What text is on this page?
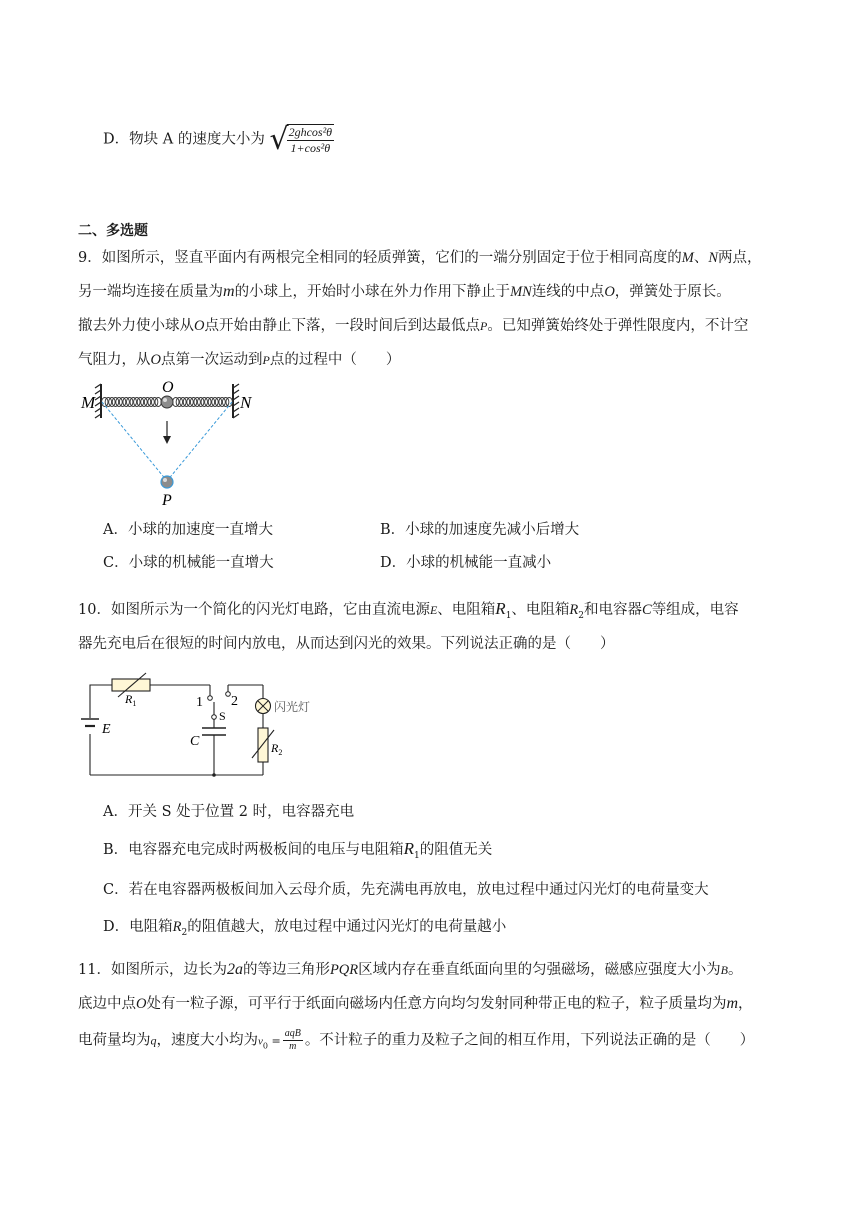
D．物块 A 的速度大小为 √
$\frac{\text{2ghcos²θ}}{\text{1+cos²θ}}$
二、多选题
9．如图所示，竖直平面内有两根完全相同的轻质弹簧，它们的一端分别固定于位于相同高度的M、N两点，
另一端均连接在质量为m的小球上，开始时小球在外力作用下静止于MN连线的中点O，弹簧处于原长。
撤去外力使小球从O点开始由静止下落，一段时间后到达最低点P。已知弹簧始终处于弹性限度内，不计空
气阻力，从O点第一次运动到P点的过程中（　　）
M	N
O
P
A．小球的加速度一直增大	B．小球的加速度先减小后增大
C．小球的机械能一直增大	D．小球的机械能一直减小
10．如图所示为一个简化的闪光灯电路，它由直流电源E、电阻箱$R_1$、电阻箱$R_2$和电容器C等组成，电容
器先充电后在很短的时间内放电，从而达到闪光的效果。下列说法正确的是（　　）
$R_1$	1 2
S
E
C
闪光灯
$R_2$
A．开关 S 处于位置 2 时，电容器充电
B．电容器充电完成时两极板间的电压与电阻箱$R_1$的阻值无关
C．若在电容器两极板间加入云母介质，先充满电再放电，放电过程中通过闪光灯的电荷量变大
D．电阻箱$R_2$的阻值越大，放电过程中通过闪光灯的电荷量越小
11．如图所示，边长为2a的等边三角形PQR区域内存在垂直纸面向里的匀强磁场，磁感应强度大小为B。
底边中点O处有一粒子源，可平行于纸面向磁场内任意方向均匀发射同种带正电的粒子，粒子质量均为m，
电荷量均为q，速度大小均为$v_0 = \frac{\text{aqB}}{m}$ 。不计粒子的重力及粒子之间的相互作用，下列说法正确的是（　　）
